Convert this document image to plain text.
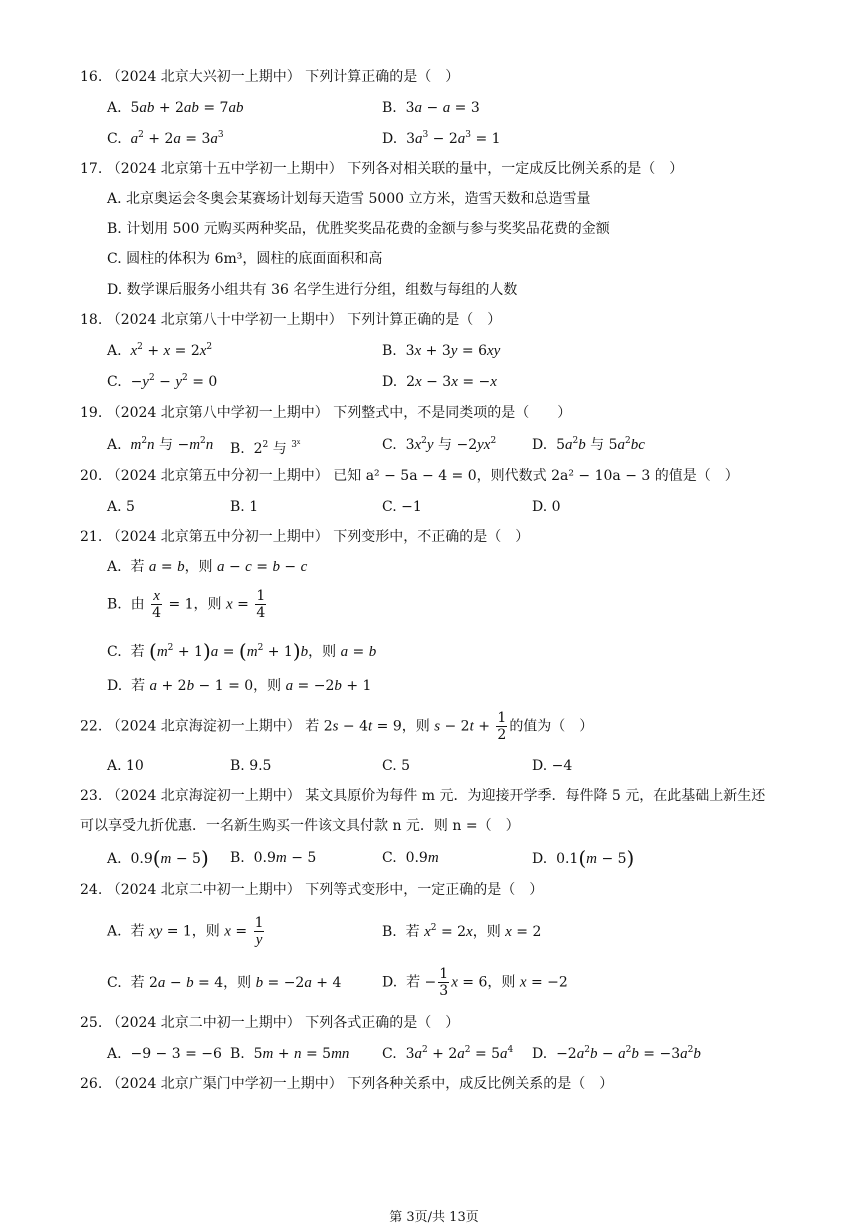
16. （2024 北京大兴初一上期中） 下列计算正确的是（　）
A.  5ab + 2ab = 7ab	B.  3a − a = 3
C.  $a^2 + 2a = 3a^3$	D.  $3a^3 - 2a^3 = 1$
17. （2024 北京第十五中学初一上期中） 下列各对相关联的量中，一定成反比例关系的是（　）
A. 北京奥运会冬奥会某赛场计划每天造雪 5000 立方米，造雪天数和总造雪量
B. 计划用 500 元购买两种奖品，优胜奖奖品花费的金额与参与奖奖品花费的金额
C. 圆柱的体积为 6m³，圆柱的底面面积和高
D. 数学课后服务小组共有 36 名学生进行分组，组数与每组的人数
18. （2024 北京第八十中学初一上期中） 下列计算正确的是（　）
A.  $x^2 + x = 2x^2$	B.  3x + 3y = 6xy
C.  $-y^2 - y^2 = 0$	D.  2x − 3x = −x
19. （2024 北京第八中学初一上期中） 下列整式中，不是同类项的是（　　）
A.  $m^2n$ 与 $-m^2n$ B.  $2^2$ 与 $^{3^x}$	C.  $3x^2y$ 与 $-2yx^2$	D.  $5a^2b$ 与 $5a^2bc$
20. （2024 北京第五中分初一上期中） 已知 a² − 5a − 4 = 0，则代数式 2a² − 10a − 3 的值是（　）
A. 5	B. 1	C. −1	D. 0
21. （2024 北京第五中分初一上期中） 下列变形中，不正确的是（　）
A.  若 a = b，则 a − c = b − c
B.  由 $\frac{x}{4} = 1$，则 $x = \frac{1}{4}$
C.  若 $(m^2 + 1)a = (m^2 + 1)b$，则 a = b
D.  若 a + 2b − 1 = 0，则 a = −2b + 1
22. （2024 北京海淀初一上期中） 若 2s − 4t = 9，则 $s - 2t + \frac{1}{2}$ 的值为（　）
A. 10	B. 9.5	C. 5	D. −4
23. （2024 北京海淀初一上期中） 某文具原价为每件 m 元．为迎接开学季．每件降 5 元，在此基础上新生还
可以享受九折优惠．一名新生购买一件该文具付款 n 元．则 n =（　）
A.  0.9(m − 5) B.  0.9m − 5	C.  0.9m	D.  0.1(m − 5)
24. （2024 北京二中初一上期中） 下列等式变形中，一定正确的是（　）
A.  若 xy = 1，则 $x = \frac{1}{y}$	B.  若 $x^2 = 2x$，则 x = 2
C.  若 2a − b = 4，则 b = −2a + 4	D.  若 − $\frac{1}{3}$ x = 6，则 x = −2
25. （2024 北京二中初一上期中） 下列各式正确的是（　）
A.  −9 − 3 = −6 B.  5m + n = 5mn C.  $3a^2 + 2a^2 = 5a^4$ D.  $-2a^2b - a^2b = -3a^2b$
26. （2024 北京广渠门中学初一上期中） 下列各种关系中，成反比例关系的是（　）
第 3页/共 13页
